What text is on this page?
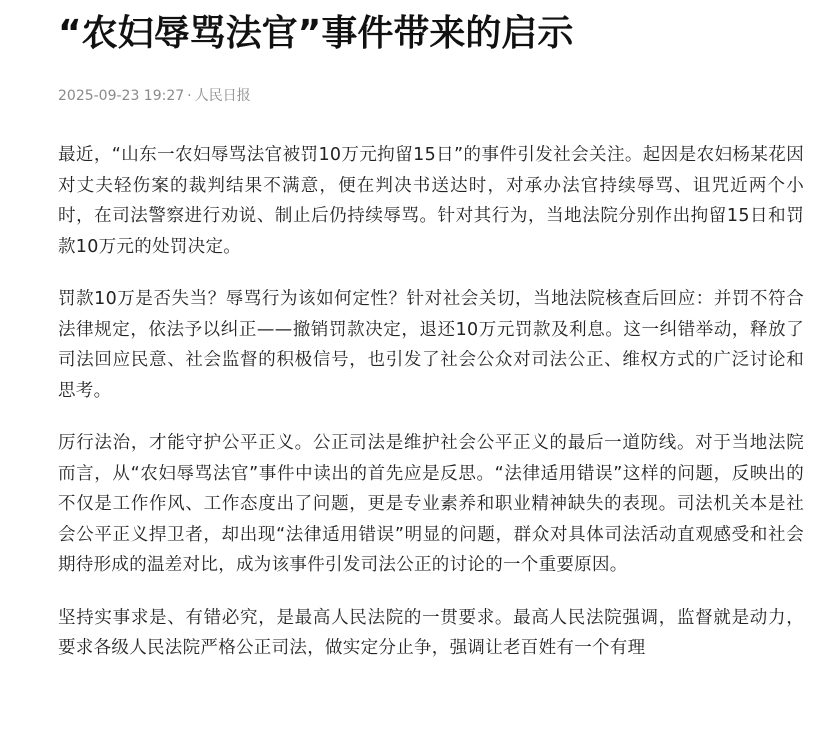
“农妇辱骂法官”事件带来的启示
2025-09-23 19:27 · 人民日报

最近，“山东一农妇辱骂法官被罚10万元拘留15日”的事件引发社会关注。起因是农妇杨某花因对丈夫轻伤案的裁判结果不满意，便在判决书送达时，对承办法官持续辱骂、诅咒近两个小时，在司法警察进行劝说、制止后仍持续辱骂。针对其行为，当地法院分别作出拘留15日和罚款10万元的处罚决定。

罚款10万是否失当？辱骂行为该如何定性？针对社会关切，当地法院核查后回应：并罚不符合法律规定，依法予以纠正——撤销罚款决定，退还10万元罚款及利息。这一纠错举动，释放了司法回应民意、社会监督的积极信号，也引发了社会公众对司法公正、维权方式的广泛讨论和思考。

厉行法治，才能守护公平正义。公正司法是维护社会公平正义的最后一道防线。对于当地法院而言，从“农妇辱骂法官”事件中读出的首先应是反思。“法律适用错误”这样的问题，反映出的不仅是工作作风、工作态度出了问题，更是专业素养和职业精神缺失的表现。司法机关本是社会公平正义捍卫者，却出现“法律适用错误”明显的问题，群众对具体司法活动直观感受和社会期待形成的温差对比，成为该事件引发司法公正的讨论的一个重要原因。

坚持实事求是、有错必究，是最高人民法院的一贯要求。最高人民法院强调，监督就是动力，要求各级人民法院严格公正司法，做实定分止争，强调让老百姓有一个有理
